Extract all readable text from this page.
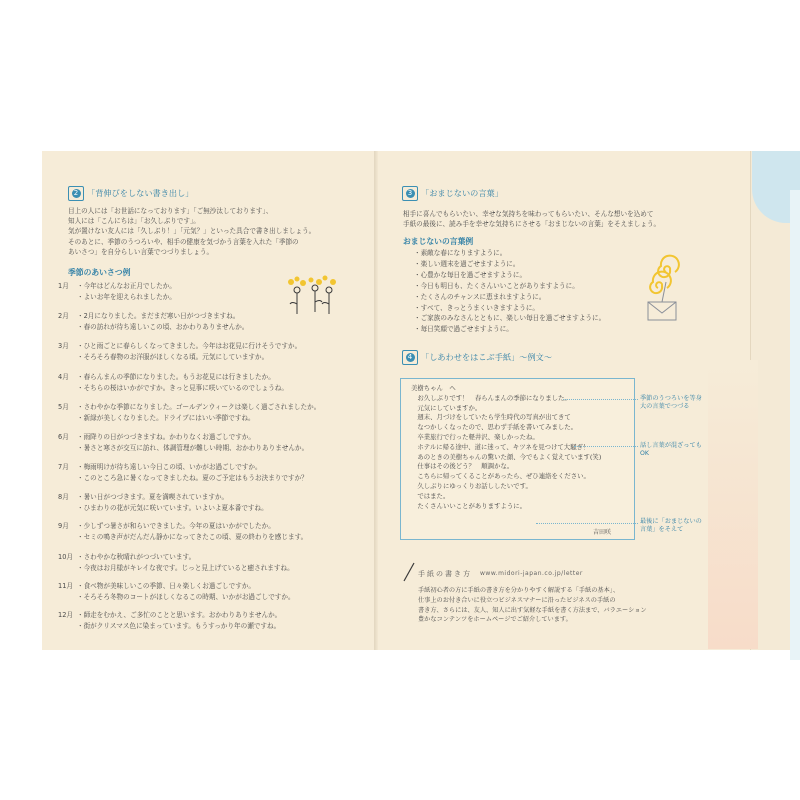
2 「背伸びをしない書き出し」
目上の人には「お世話になっております」「ご無沙汰しております」、
知人には「こんにちは」「お久しぶりです」。
気が置けない友人には「久しぶり！」「元気？」といった具合で書き出しましょう。
そのあとに、季節のうつろいや、相手の健康を気づかう言葉を入れた「季節の
あいさつ」を自分らしい言葉でつづりましょう。
季節のあいさつ例
1月 ・今年はどんなお正月でしたか。
・よいお年を迎えられましたか。
2月 ・2月になりました。まだまだ寒い日がつづきますね。
・春の訪れが待ち遠しいこの頃、おかわりありませんか。
3月 ・ひと雨ごとに春らしくなってきました。今年はお花見に行けそうですか。
・そろそろ春物のお洋服がほしくなる頃。元気にしていますか。
4月 ・春らんまんの季節になりました。もうお花見には行きましたか。
・そちらの桜はいかがですか。きっと見事に咲いているのでしょうね。
5月 ・さわやかな季節になりました。ゴールデンウィークは楽しく過ごされましたか。
・新緑が美しくなりました。ドライブにはいい季節ですね。
6月 ・雨降りの日がつづきますね。かわりなくお過ごしですか。
・暑さと寒さが交互に訪れ、体調管理が難しい時期、おかわりありませんか。
7月 ・梅雨明けが待ち遠しい今日この頃、いかがお過ごしですか。
・このところ急に暑くなってきましたね。夏のご予定はもうお決まりですか？
8月 ・暑い日がつづきます。夏を満喫されていますか。
・ひまわりの花が元気に咲いています。いよいよ夏本番ですね。
9月 ・少しずつ暑さが和らいできました。今年の夏はいかがでしたか。
・セミの鳴き声がだんだん静かになってきたこの頃、夏の終わりを感じます。
10月 ・さわやかな秋晴れがつづいています。
・今夜はお月様がキレイな夜です。じっと見上げていると癒されますね。
11月 ・食べ物が美味しいこの季節、日々楽しくお過ごしですか。
・そろそろ冬物のコートがほしくなるこの時期、いかがお過ごしですか。
12月 ・師走をむかえ、ご多忙のことと思います。おかわりありませんか。
・街がクリスマス色に染まっています。もうすっかり年の瀬ですね。
3 「おまじないの言葉」
相手に喜んでもらいたい、幸せな気持ちを味わってもらいたい、そんな想いを込めて
手紙の最後に、読み手を幸せな気持ちにさせる「おまじないの言葉」をそえましょう。
おまじないの言葉例
・素敵な春になりますように。
・楽しい週末を過ごせますように。
・心豊かな毎日を過ごせますように。
・今日も明日も、たくさんいいことがありますように。
・たくさんのチャンスに恵まれますように。
・すべて、きっとうまくいきますように。
・ご家族のみなさんとともに、楽しい毎日を過ごせますように。
・毎日笑顔で過ごせますように。
4 「しあわせをはこぶ手紙」〜例文〜
美樹ちゃん　へ
　お久しぶりです！　春らんまんの季節になりました。
　元気にしていますか。
　週末、月づけをしていたら学生時代の写真が出てきて
　なつかしくなったので、思わず手紙を書いてみました。
　卒業旅行で行った軽井沢、楽しかったね。
　ホテルに帰る途中、道に迷って、キツネを見つけて大騒ぎ！
　あのときの美樹ちゃんの驚いた顔、今でもよく覚えています(笑)
　仕事はその後どう？　順調かな。
　こちらに帰ってくることがあったら、ぜひ連絡をください。
　久しぶりにゆっくりお話ししたいです。
　ではまた。
　たくさんいいことがありますように。
吉田咲
季節のうつろいを等身
大の言葉でつづる
話し言葉が混ざっても
OK
最後に「おまじないの
言葉」をそえて
手紙の書き方 www.midori-japan.co.jp/letter
手紙初心者の方に手紙の書き方を分かりやすく解説する「手紙の基本」、
仕事上のお付き合いに役立つビジネスマナーに沿ったビジネスの手紙の
書き方、さらには、友人、知人に出す気軽な手紙を書く方法まで、バラエーション
豊かなコンテンツをホームページでご紹介しています。
